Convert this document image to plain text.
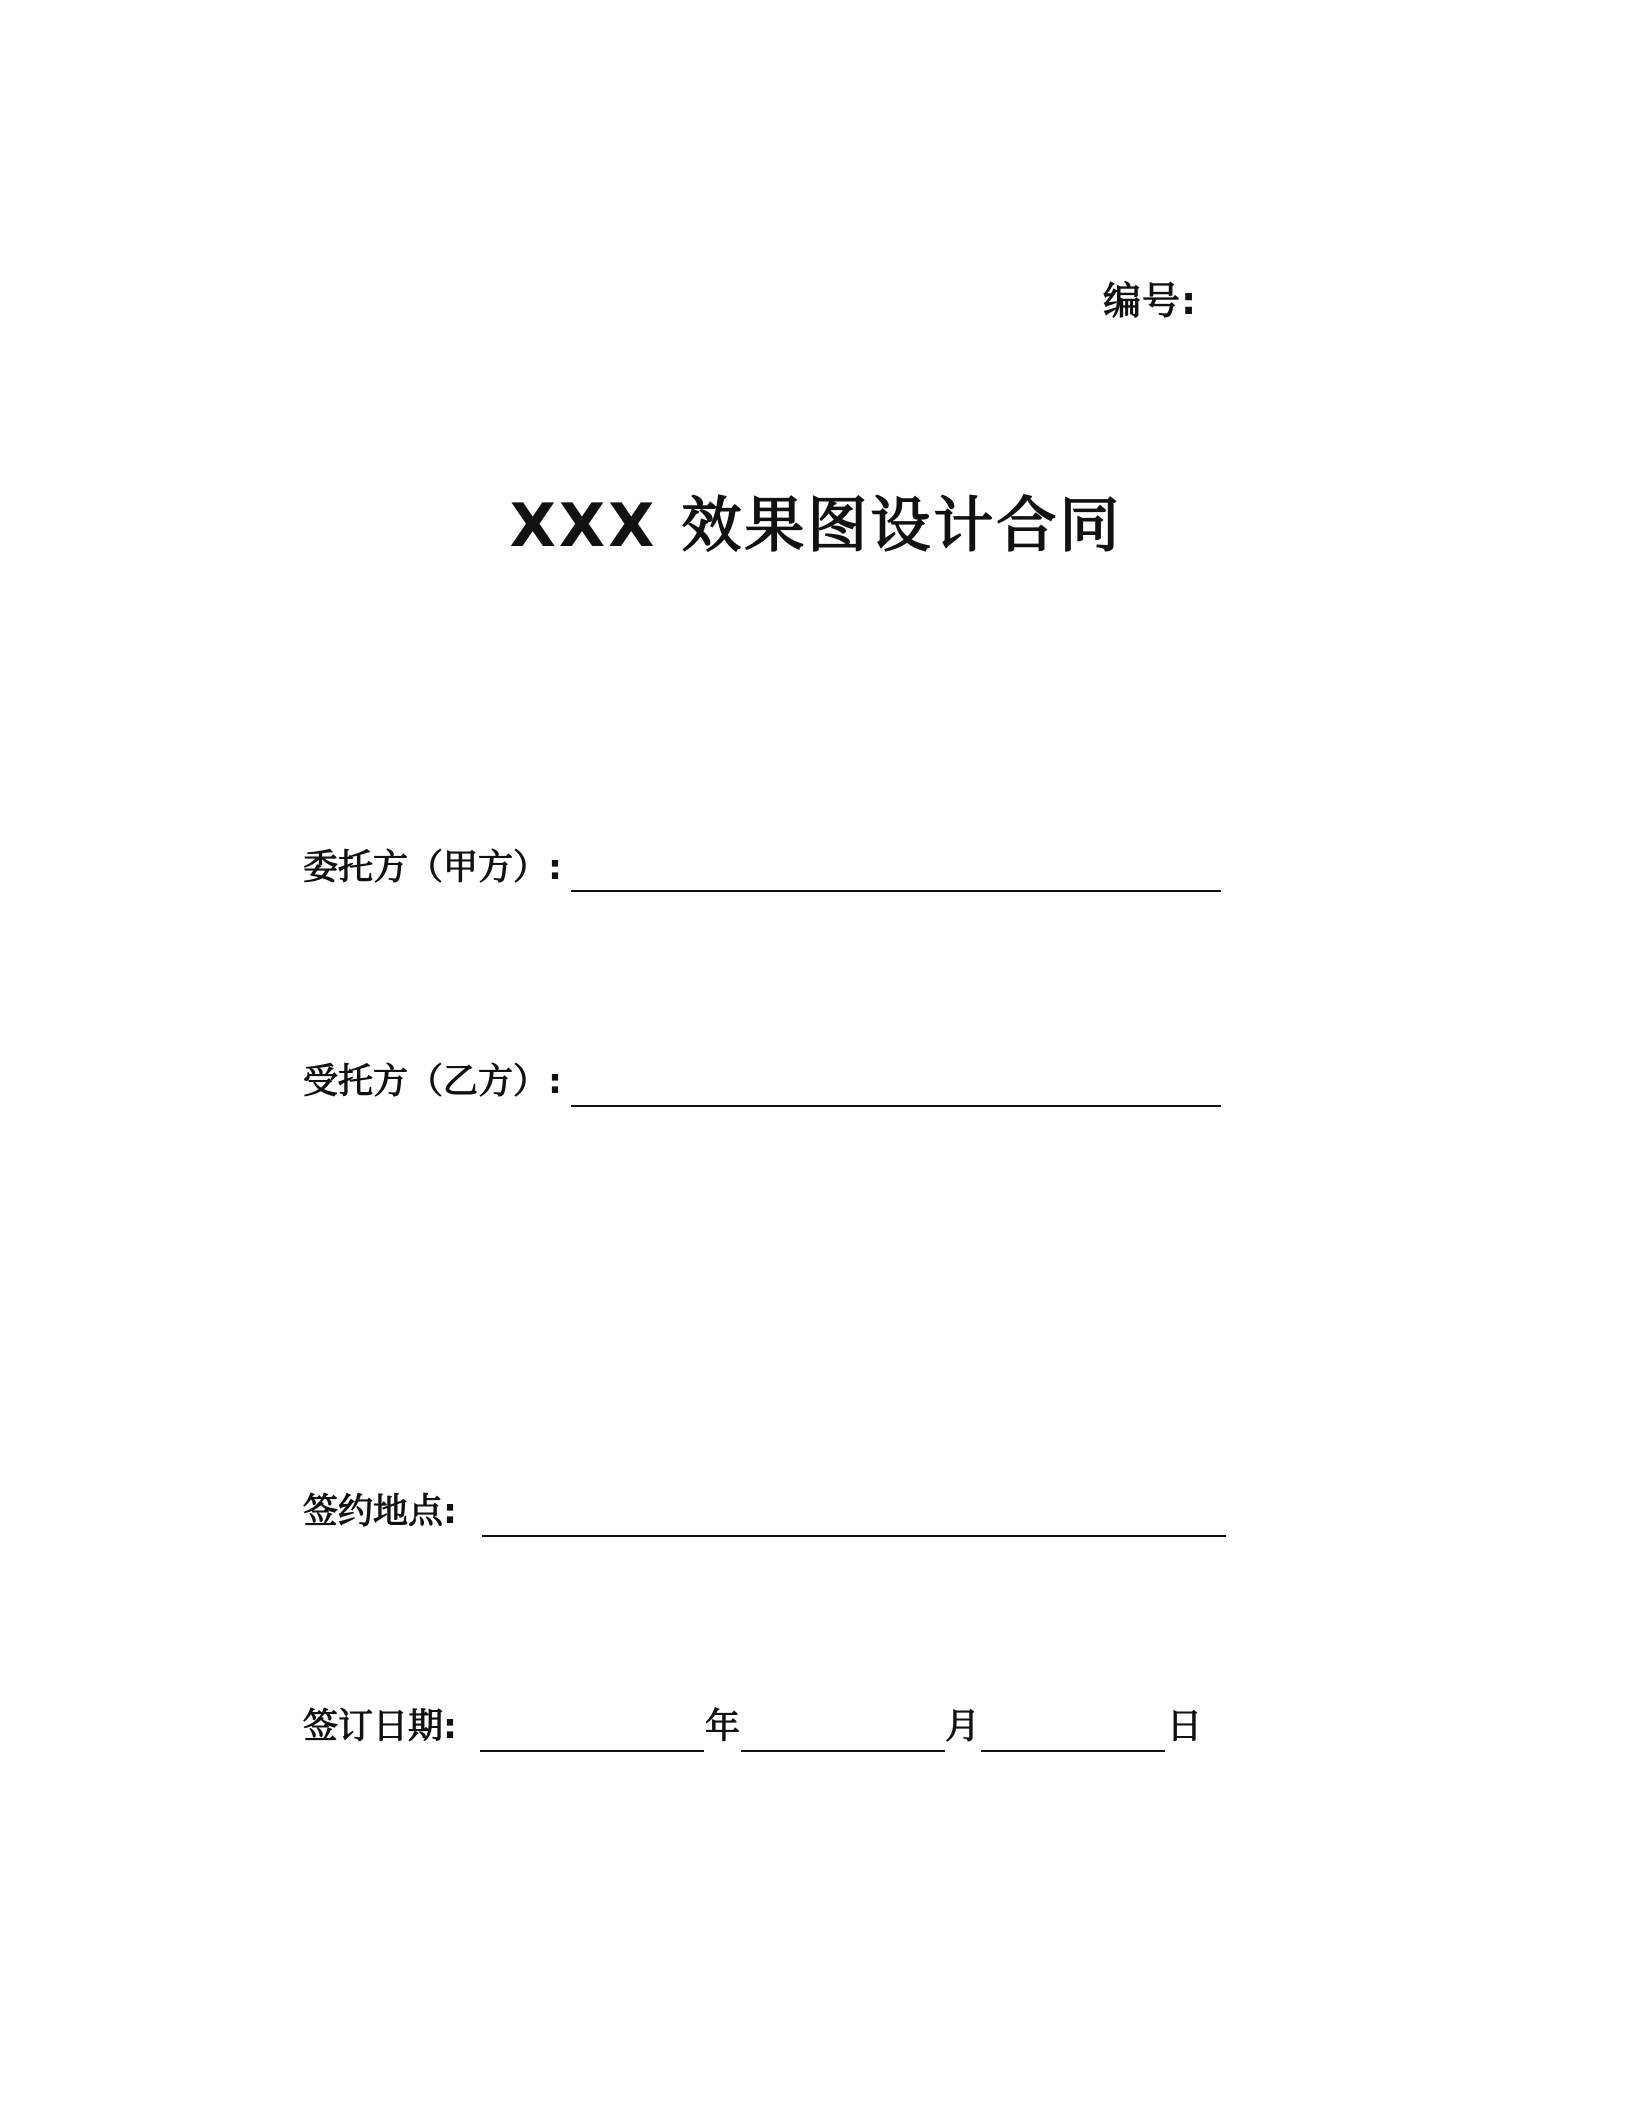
编号:
XXX 效果图设计合同
委托方（甲方）:
受托方（乙方）:
签约地点:
签订日期:	年	月	日
